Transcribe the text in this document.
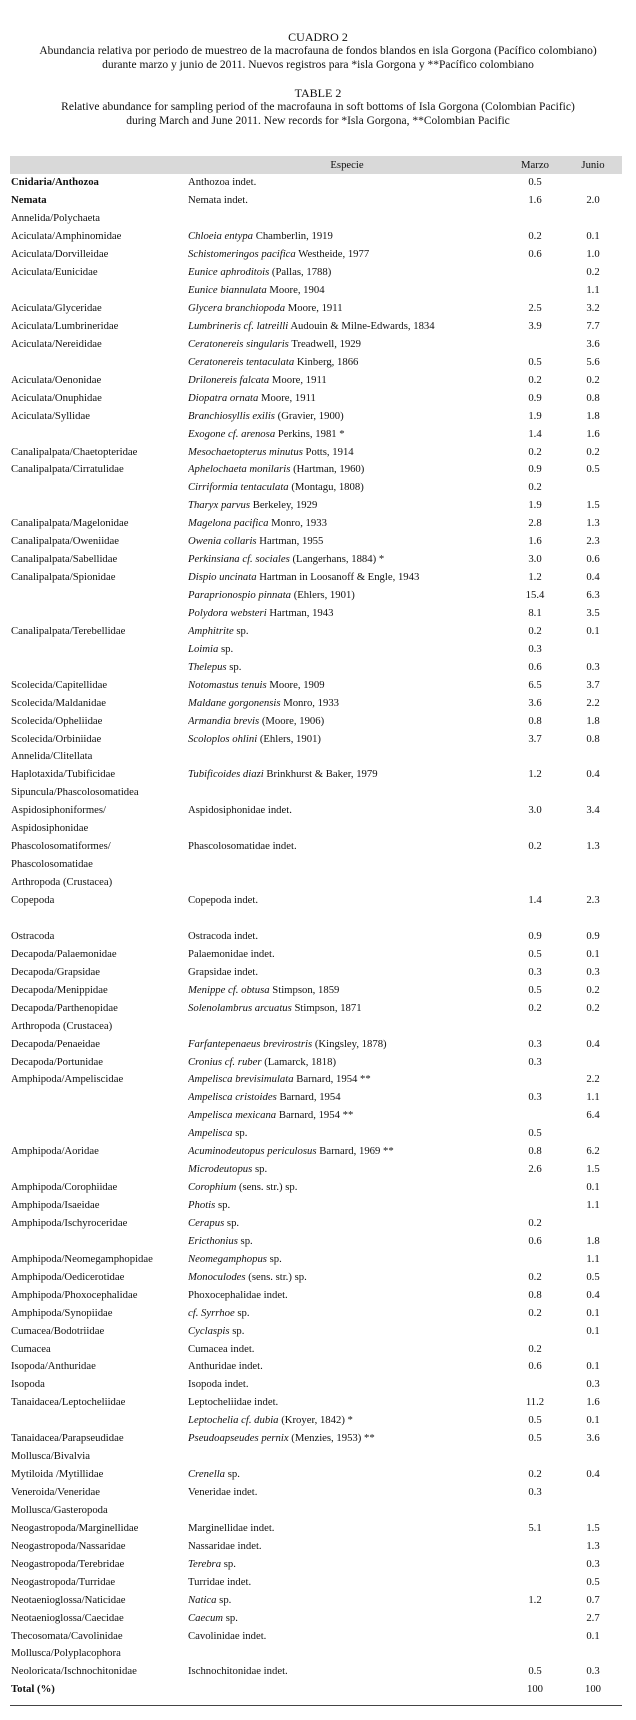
CUADRO 2
Abundancia relativa por periodo de muestreo de la macrofauna de fondos blandos en isla Gorgona (Pacífico colombiano)
durante marzo y junio de 2011. Nuevos registros para *isla Gorgona y **Pacífico colombiano
TABLE 2
Relative abundance for sampling period of the macrofauna in soft bottoms of Isla Gorgona (Colombian Pacific)
during March and June 2011. New records for *Isla Gorgona, **Colombian Pacific
	Especie	Marzo	Junio
Cnidaria/Anthozoa	Anthozoa indet.	0.5	
Nemata	Nemata indet.	1.6	2.0
Annelida/Polychaeta			
Aciculata/Amphinomidae	Chloeia entypa Chamberlin, 1919	0.2	0.1
Aciculata/Dorvilleidae	Schistomeringos pacifica Westheide, 1977	0.6	1.0
Aciculata/Eunicidae	Eunice aphroditois (Pallas, 1788)		0.2
	Eunice biannulata Moore, 1904		1.1
Aciculata/Glyceridae	Glycera branchiopoda Moore, 1911	2.5	3.2
Aciculata/Lumbrineridae	Lumbrineris cf. latreilli Audouin & Milne-Edwards, 1834	3.9	7.7
Aciculata/Nereididae	Ceratonereis singularis Treadwell, 1929		3.6
	Ceratonereis tentaculata Kinberg, 1866	0.5	5.6
Aciculata/Oenonidae	Drilonereis falcata Moore, 1911	0.2	0.2
Aciculata/Onuphidae	Diopatra ornata Moore, 1911	0.9	0.8
Aciculata/Syllidae	Branchiosyllis exilis (Gravier, 1900)	1.9	1.8
	Exogone cf. arenosa Perkins, 1981 *	1.4	1.6
Canalipalpata/Chaetopteridae	Mesochaetopterus minutus Potts, 1914	0.2	0.2
Canalipalpata/Cirratulidae	Aphelochaeta monilaris (Hartman, 1960)	0.9	0.5
	Cirriformia tentaculata (Montagu, 1808)	0.2	
	Tharyx parvus Berkeley, 1929	1.9	1.5
Canalipalpata/Magelonidae	Magelona pacifica Monro, 1933	2.8	1.3
Canalipalpata/Oweniidae	Owenia collaris Hartman, 1955	1.6	2.3
Canalipalpata/Sabellidae	Perkinsiana cf. sociales (Langerhans, 1884) *	3.0	0.6
Canalipalpata/Spionidae	Dispio uncinata Hartman in Loosanoff & Engle, 1943	1.2	0.4
	Paraprionospio pinnata (Ehlers, 1901)	15.4	6.3
	Polydora websteri Hartman, 1943	8.1	3.5
Canalipalpata/Terebellidae	Amphitrite sp.	0.2	0.1
	Loimia sp.	0.3	
	Thelepus sp.	0.6	0.3
Scolecida/Capitellidae	Notomastus tenuis Moore, 1909	6.5	3.7
Scolecida/Maldanidae	Maldane gorgonensis Monro, 1933	3.6	2.2
Scolecida/Opheliidae	Armandia brevis (Moore, 1906)	0.8	1.8
Scolecida/Orbiniidae	Scoloplos ohlini (Ehlers, 1901)	3.7	0.8
Annelida/Clitellata			
Haplotaxida/Tubificidae	Tubificoides diazi Brinkhurst & Baker, 1979	1.2	0.4
Sipuncula/Phascolosomatidea			
Aspidosiphoniformes/	Aspidosiphonidae indet.	3.0	3.4
Aspidosiphonidae			
Phascolosomatiformes/	Phascolosomatidae indet.	0.2	1.3
Phascolosomatidae			
Arthropoda (Crustacea)			
Copepoda	Copepoda indet.	1.4	2.3
Ostracoda	Ostracoda indet.	0.9	0.9
Decapoda/Palaemonidae	Palaemonidae indet.	0.5	0.1
Decapoda/Grapsidae	Grapsidae indet.	0.3	0.3
Decapoda/Menippidae	Menippe cf. obtusa Stimpson, 1859	0.5	0.2
Decapoda/Parthenopidae	Solenolambrus arcuatus Stimpson, 1871	0.2	0.2
Arthropoda (Crustacea)			
Decapoda/Penaeidae	Farfantepenaeus brevirostris (Kingsley, 1878)	0.3	0.4
Decapoda/Portunidae	Cronius cf. ruber (Lamarck, 1818)	0.3	
Amphipoda/Ampeliscidae	Ampelisca brevisimulata Barnard, 1954 **		2.2
	Ampelisca cristoides Barnard, 1954	0.3	1.1
	Ampelisca mexicana Barnard, 1954 **		6.4
	Ampelisca sp.	0.5	
Amphipoda/Aoridae	Acuminodeutopus periculosus Barnard, 1969 **	0.8	6.2
	Microdeutopus sp.	2.6	1.5
Amphipoda/Corophiidae	Corophium (sens. str.) sp.		0.1
Amphipoda/Isaeidae	Photis sp.		1.1
Amphipoda/Ischyroceridae	Cerapus sp.	0.2	
	Ericthonius sp.	0.6	1.8
Amphipoda/Neomegamphopidae	Neomegamphopus sp.		1.1
Amphipoda/Oedicerotidae	Monoculodes (sens. str.) sp.	0.2	0.5
Amphipoda/Phoxocephalidae	Phoxocephalidae indet.	0.8	0.4
Amphipoda/Synopiidae	cf. Syrrhoe sp.	0.2	0.1
Cumacea/Bodotriidae	Cyclaspis sp.		0.1
Cumacea	Cumacea indet.	0.2	
Isopoda/Anthuridae	Anthuridae indet.	0.6	0.1
Isopoda	Isopoda indet.		0.3
Tanaidacea/Leptocheliidae	Leptocheliidae indet.	11.2	1.6
	Leptochelia cf. dubia (Kroyer, 1842) *	0.5	0.1
Tanaidacea/Parapseudidae	Pseudoapseudes pernix (Menzies, 1953) **	0.5	3.6
Mollusca/Bivalvia			
Mytiloida /Mytillidae	Crenella sp.	0.2	0.4
Veneroida/Veneridae	Veneridae indet.	0.3	
Mollusca/Gasteropoda			
Neogastropoda/Marginellidae	Marginellidae indet.	5.1	1.5
Neogastropoda/Nassaridae	Nassaridae indet.		1.3
Neogastropoda/Terebridae	Terebra sp.		0.3
Neogastropoda/Turridae	Turridae indet.		0.5
Neotaenioglossa/Naticidae	Natica sp.	1.2	0.7
Neotaenioglossa/Caecidae	Caecum sp.		2.7
Thecosomata/Cavolinidae	Cavolinidae indet.		0.1
Mollusca/Polyplacophora			
Neoloricata/Ischnochitonidae	Ischnochitonidae indet.	0.5	0.3
Total (%)		100	100
